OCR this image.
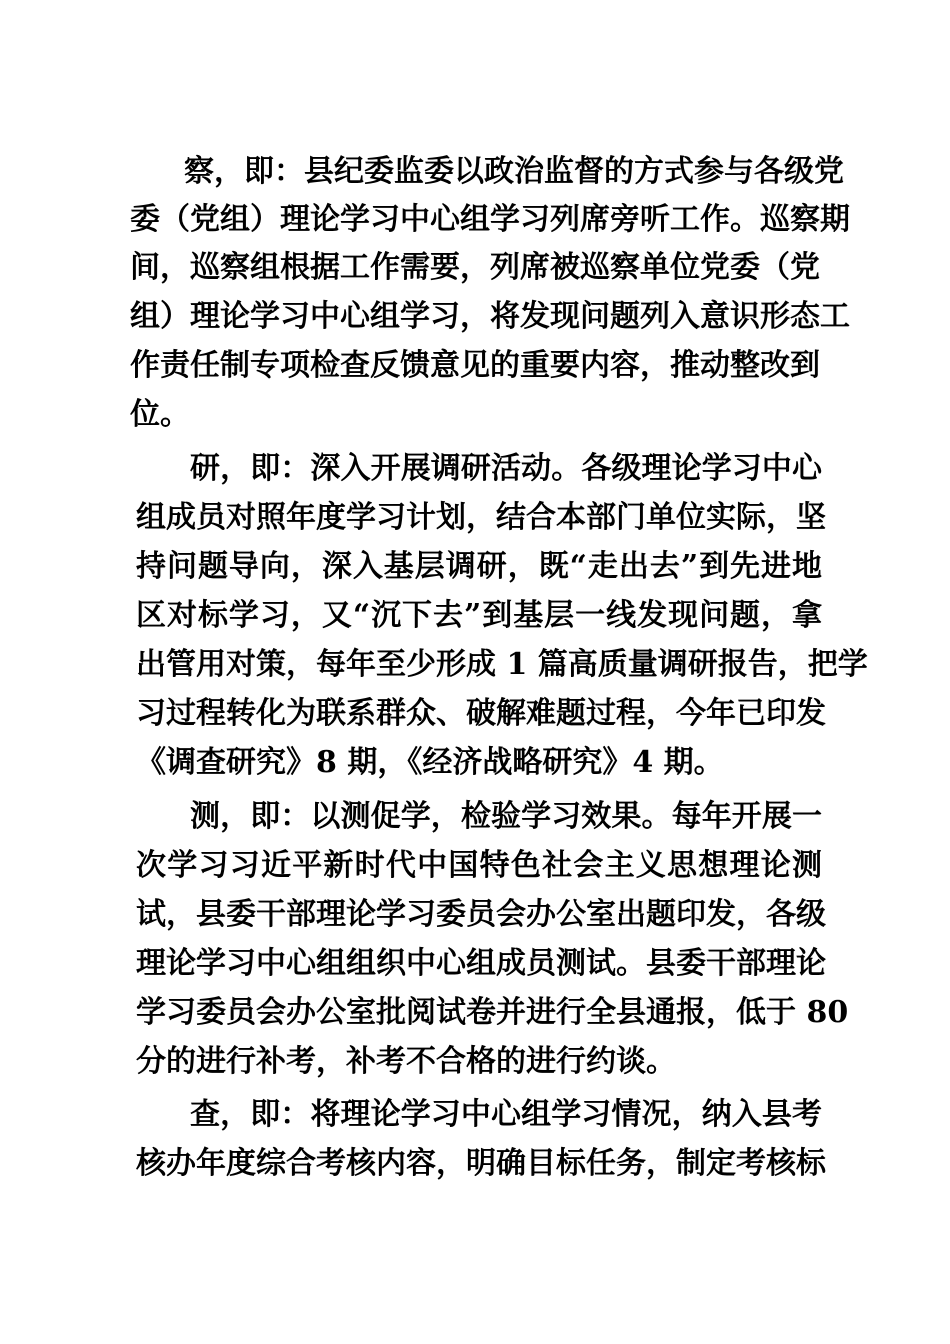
察，即：县纪委监委以政治监督的方式参与各级党
委（党组）理论学习中心组学习列席旁听工作。巡察期
间，巡察组根据工作需要，列席被巡察单位党委（党
组）理论学习中心组学习，将发现问题列入意识形态工
作责任制专项检查反馈意见的重要内容，推动整改到
位。
研，即：深入开展调研活动。各级理论学习中心
组成员对照年度学习计划，结合本部门单位实际，坚
持问题导向，深入基层调研，既“走出去”到先进地
区对标学习，又“沉下去”到基层一线发现问题，拿
出管用对策，每年至少形成 1 篇高质量调研报告，把学
习过程转化为联系群众、破解难题过程，今年已印发
《调查研究》8 期，《经济战略研究》4 期。
测，即：以测促学，检验学习效果。每年开展一
次学习习近平新时代中国特色社会主义思想理论测
试，县委干部理论学习委员会办公室出题印发，各级
理论学习中心组组织中心组成员测试。县委干部理论
学习委员会办公室批阅试卷并进行全县通报，低于 80
分的进行补考，补考不合格的进行约谈。
查，即：将理论学习中心组学习情况，纳入县考
核办年度综合考核内容，明确目标任务，制定考核标
